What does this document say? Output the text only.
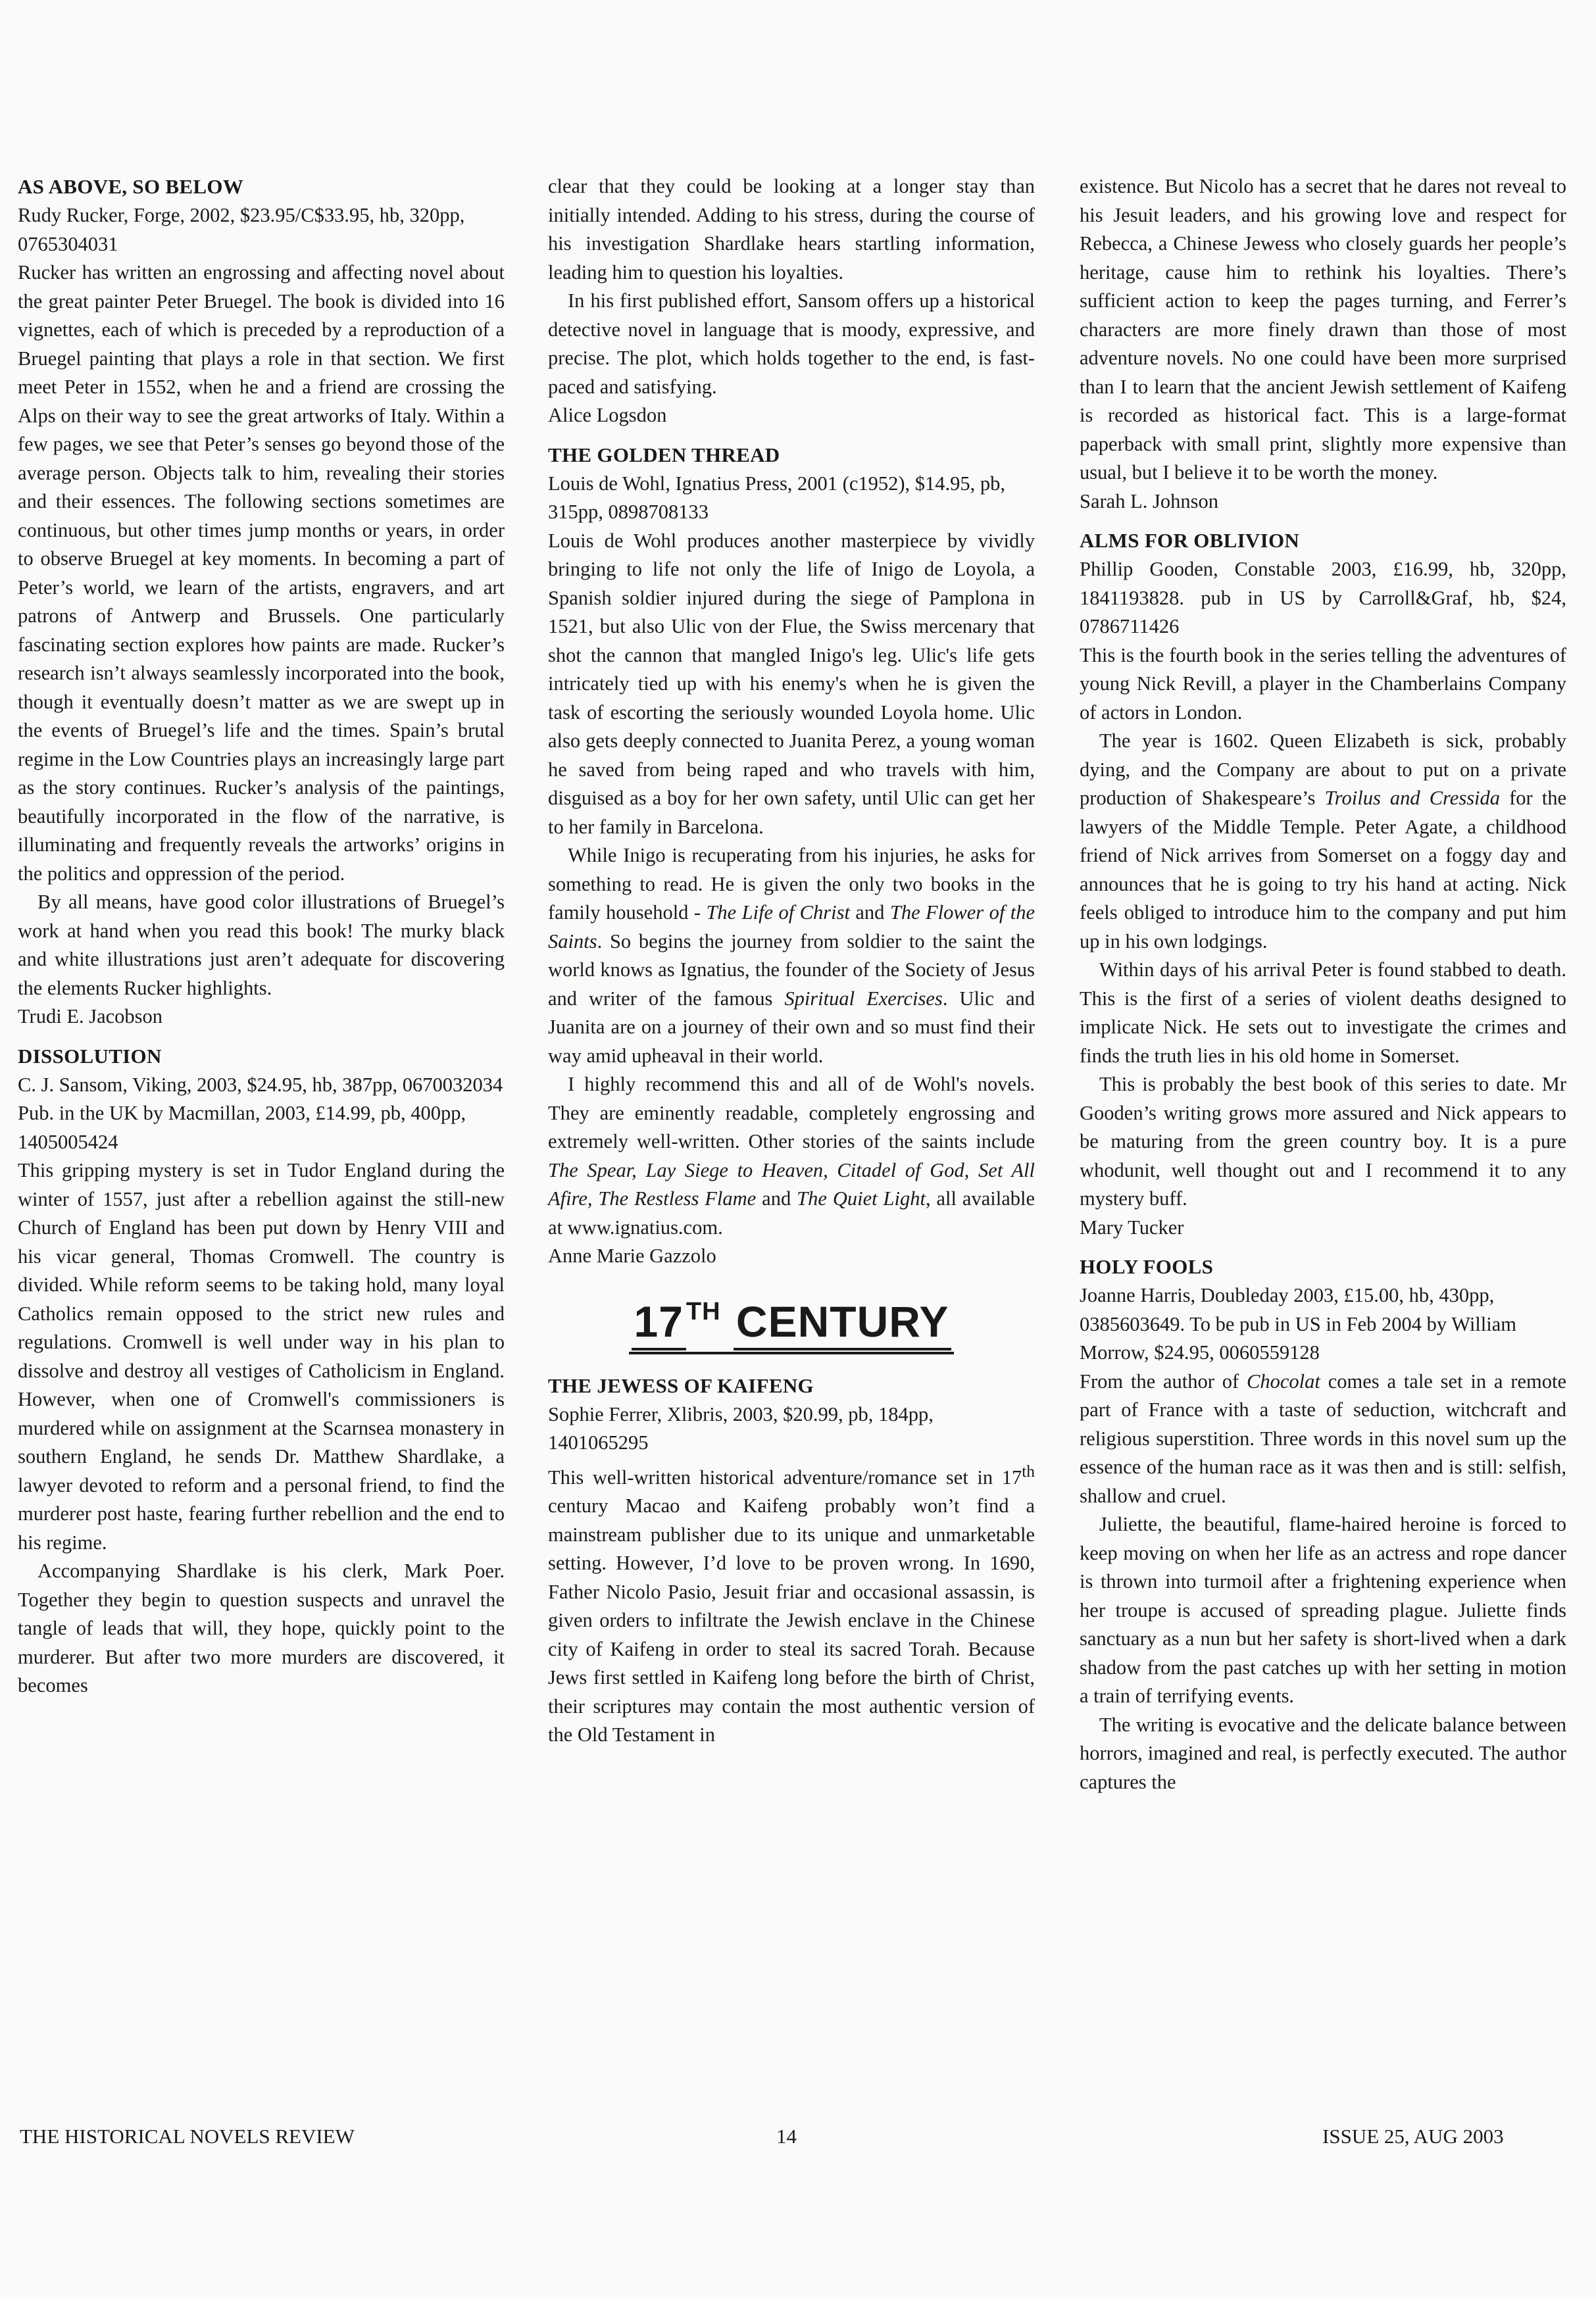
AS ABOVE, SO BELOW

Rudy Rucker, Forge, 2002, $23.95/C$33.95, hb, 320pp, 0765304031

Rucker has written an engrossing and affecting novel about the great painter Peter Bruegel. The book is divided into 16 vignettes, each of which is preceded by a reproduction of a Bruegel painting that plays a role in that section. We first meet Peter in 1552, when he and a friend are crossing the Alps on their way to see the great artworks of Italy. Within a few pages, we see that Peter’s senses go beyond those of the average person. Objects talk to him, revealing their stories and their essences. The following sections sometimes are continuous, but other times jump months or years, in order to observe Bruegel at key moments. In becoming a part of Peter’s world, we learn of the artists, engravers, and art patrons of Antwerp and Brussels. One particularly fascinating section explores how paints are made. Rucker’s research isn’t always seamlessly incorporated into the book, though it eventually doesn’t matter as we are swept up in the events of Bruegel’s life and the times. Spain’s brutal regime in the Low Countries plays an increasingly large part as the story continues. Rucker’s analysis of the paintings, beautifully incorporated in the flow of the narrative, is illuminating and frequently reveals the artworks’ origins in the politics and oppression of the period.

By all means, have good color illustrations of Bruegel’s work at hand when you read this book! The murky black and white illustrations just aren’t adequate for discovering the elements Rucker highlights.

Trudi E. Jacobson

DISSOLUTION

C. J. Sansom, Viking, 2003, $24.95, hb, 387pp, 0670032034

Pub. in the UK by Macmillan, 2003, £14.99, pb, 400pp, 1405005424

This gripping mystery is set in Tudor England during the winter of 1557, just after a rebellion against the still-new Church of England has been put down by Henry VIII and his vicar general, Thomas Cromwell. The country is divided. While reform seems to be taking hold, many loyal Catholics remain opposed to the strict new rules and regulations. Cromwell is well under way in his plan to dissolve and destroy all vestiges of Catholicism in England. However, when one of Cromwell's commissioners is murdered while on assignment at the Scarnsea monastery in southern England, he sends Dr. Matthew Shardlake, a lawyer devoted to reform and a personal friend, to find the murderer post haste, fearing further rebellion and the end to his regime.

Accompanying Shardlake is his clerk, Mark Poer. Together they begin to question suspects and unravel the tangle of leads that will, they hope, quickly point to the murderer. But after two more murders are discovered, it becomes

clear that they could be looking at a longer stay than initially intended. Adding to his stress, during the course of his investigation Shardlake hears startling information, leading him to question his loyalties.

In his first published effort, Sansom offers up a historical detective novel in language that is moody, expressive, and precise. The plot, which holds together to the end, is fast-paced and satisfying.

Alice Logsdon

THE GOLDEN THREAD

Louis de Wohl, Ignatius Press, 2001 (c1952), $14.95, pb, 315pp, 0898708133

Louis de Wohl produces another masterpiece by vividly bringing to life not only the life of Inigo de Loyola, a Spanish soldier injured during the siege of Pamplona in 1521, but also Ulic von der Flue, the Swiss mercenary that shot the cannon that mangled Inigo's leg. Ulic's life gets intricately tied up with his enemy's when he is given the task of escorting the seriously wounded Loyola home. Ulic also gets deeply connected to Juanita Perez, a young woman he saved from being raped and who travels with him, disguised as a boy for her own safety, until Ulic can get her to her family in Barcelona.

While Inigo is recuperating from his injuries, he asks for something to read. He is given the only two books in the family household - The Life of Christ and The Flower of the Saints. So begins the journey from soldier to the saint the world knows as Ignatius, the founder of the Society of Jesus and writer of the famous Spiritual Exercises. Ulic and Juanita are on a journey of their own and so must find their way amid upheaval in their world.

I highly recommend this and all of de Wohl's novels. They are eminently readable, completely engrossing and extremely well-written. Other stories of the saints include The Spear, Lay Siege to Heaven, Citadel of God, Set All Afire, The Restless Flame and The Quiet Light, all available at www.ignatius.com.

Anne Marie Gazzolo

17 $^{TH}$ CENTURY
THE JEWESS OF KAIFENG

Sophie Ferrer, Xlibris, 2003, $20.99, pb, 184pp, 1401065295

This well-written historical adventure/romance set in 17th century Macao and Kaifeng probably won’t find a mainstream publisher due to its unique and unmarketable setting. However, I’d love to be proven wrong. In 1690, Father Nicolo Pasio, Jesuit friar and occasional assassin, is given orders to infiltrate the Jewish enclave in the Chinese city of Kaifeng in order to steal its sacred Torah. Because Jews first settled in Kaifeng long before the birth of Christ, their scriptures may contain the most authentic version of the Old Testament in

existence. But Nicolo has a secret that he dares not reveal to his Jesuit leaders, and his growing love and respect for Rebecca, a Chinese Jewess who closely guards her people’s heritage, cause him to rethink his loyalties. There’s sufficient action to keep the pages turning, and Ferrer’s characters are more finely drawn than those of most adventure novels. No one could have been more surprised than I to learn that the ancient Jewish settlement of Kaifeng is recorded as historical fact. This is a large-format paperback with small print, slightly more expensive than usual, but I believe it to be worth the money.

Sarah L. Johnson

ALMS FOR OBLIVION

Phillip Gooden, Constable 2003, £16.99, hb, 320pp, 1841193828. pub in US by Carroll&Graf, hb, $24, 0786711426

This is the fourth book in the series telling the adventures of young Nick Revill, a player in the Chamberlains Company of actors in London.

The year is 1602. Queen Elizabeth is sick, probably dying, and the Company are about to put on a private production of Shakespeare’s Troilus and Cressida for the lawyers of the Middle Temple. Peter Agate, a childhood friend of Nick arrives from Somerset on a foggy day and announces that he is going to try his hand at acting. Nick feels obliged to introduce him to the company and put him up in his own lodgings.

Within days of his arrival Peter is found stabbed to death. This is the first of a series of violent deaths designed to implicate Nick. He sets out to investigate the crimes and finds the truth lies in his old home in Somerset.

This is probably the best book of this series to date. Mr Gooden’s writing grows more assured and Nick appears to be maturing from the green country boy. It is a pure whodunit, well thought out and I recommend it to any mystery buff.

Mary Tucker

HOLY FOOLS

Joanne Harris, Doubleday 2003, £15.00, hb, 430pp, 0385603649. To be pub in US in Feb 2004 by William Morrow, $24.95, 0060559128

From the author of Chocolat comes a tale set in a remote part of France with a taste of seduction, witchcraft and religious superstition. Three words in this novel sum up the essence of the human race as it was then and is still: selfish, shallow and cruel.

Juliette, the beautiful, flame-haired heroine is forced to keep moving on when her life as an actress and rope dancer is thrown into turmoil after a frightening experience when her troupe is accused of spreading plague. Juliette finds sanctuary as a nun but her safety is short-lived when a dark shadow from the past catches up with her setting in motion a train of terrifying events.

The writing is evocative and the delicate balance between horrors, imagined and real, is perfectly executed. The author captures the

THE HISTORICAL NOVELS REVIEW	14	ISSUE 25, AUG 2003
